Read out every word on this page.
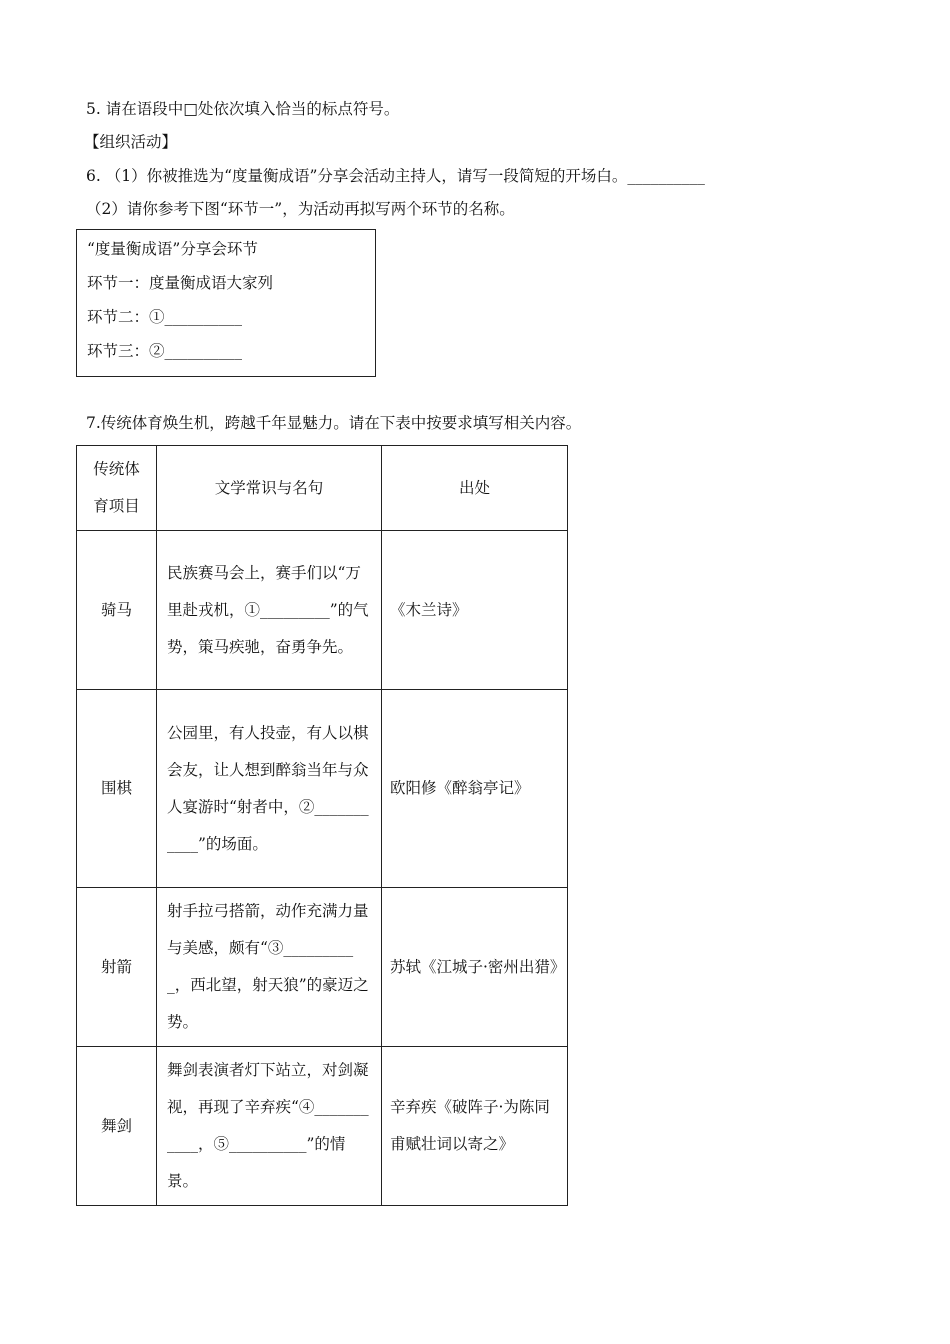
5. 请在语段中□处依次填入恰当的标点符号。
【组织活动】
6. （1）你被推选为“度量衡成语”分享会活动主持人，请写一段简短的开场白。__________
（2）请你参考下图“环节一”，为活动再拟写两个环节的名称。
“度量衡成语”分享会环节
环节一：度量衡成语大家列
环节二：①__________
环节三：②__________
7.传统体育焕生机，跨越千年显魅力。请在下表中按要求填写相关内容。
传统体育项目	文学常识与名句	出处
骑马	民族赛马会上，赛手们以“万里赴戎机，①_________”的气势，策马疾驰，奋勇争先。	《木兰诗》

围棋	公园里，有人投壶，有人以棋会友，让人想到醉翁当年与众人宴游时“射者中，②___________”的场面。	欧阳修《醉翁亭记》

射箭	射手拉弓搭箭，动作充满力量与美感，颇有“③__________，西北望，射天狼”的豪迈之势。	苏轼《江城子·密州出猎》

舞剑	舞剑表演者灯下站立，对剑凝视，再现了辛弃疾“④___________，⑤__________”的情景。	辛弃疾《破阵子·为陈同甫赋壮词以寄之》
